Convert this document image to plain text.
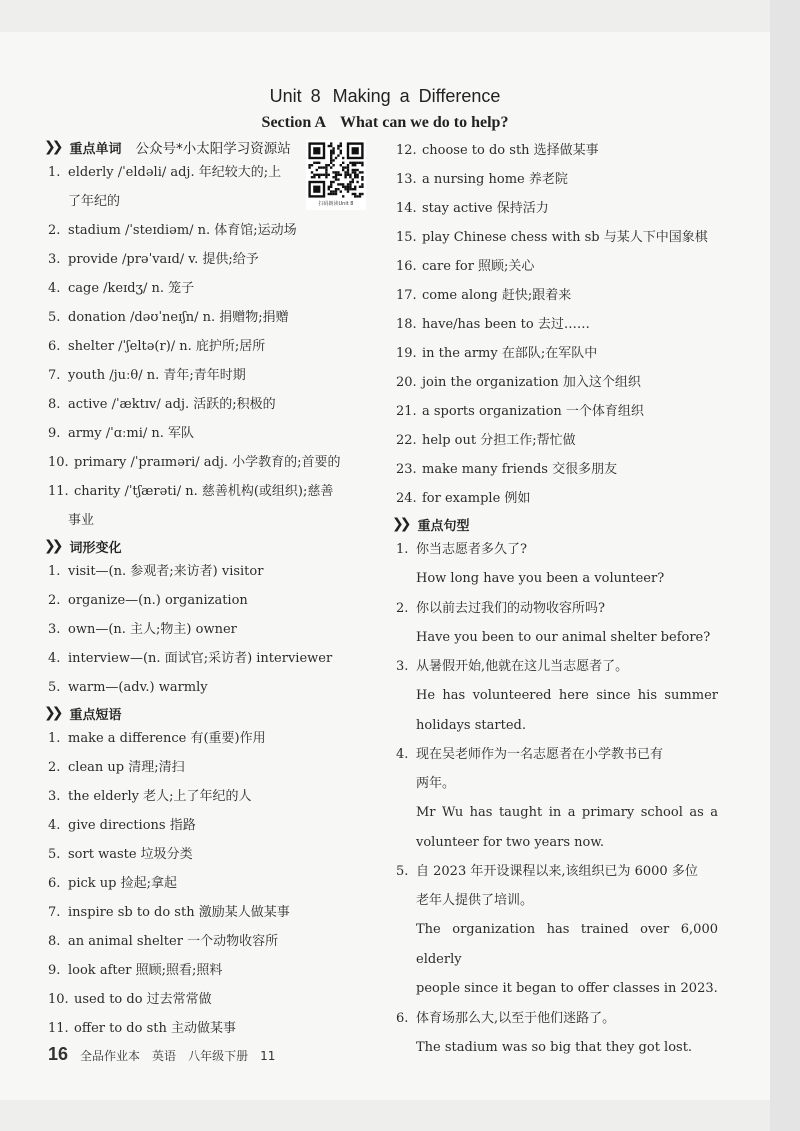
Unit 8 Making a Difference
Section A What can we do to help?
❯❯ 重点单词 公众号*小太阳学习资源站
1. elderly /ˈeldəli/ adj. 年纪较大的;上
了年纪的
2. stadium /ˈsteɪdiəm/ n. 体育馆;运动场
3. provide /prəˈvaɪd/ v. 提供;给予
4. cage /keɪdʒ/ n. 笼子
5. donation /dəʊˈneɪʃn/ n. 捐赠物;捐赠
6. shelter /ˈʃeltə(r)/ n. 庇护所;居所
7. youth /juːθ/ n. 青年;青年时期
8. active /ˈæktɪv/ adj. 活跃的;积极的
9. army /ˈɑːmi/ n. 军队
10. primary /ˈpraɪməri/ adj. 小学教育的;首要的
11. charity /ˈtʃærəti/ n. 慈善机构(或组织);慈善
事业
❯❯ 词形变化
1. visit—(n. 参观者;来访者) visitor
2. organize—(n.) organization
3. own—(n. 主人;物主) owner
4. interview—(n. 面试官;采访者) interviewer
5. warm—(adv.) warmly
❯❯ 重点短语
1. make a difference 有(重要)作用
2. clean up 清理;清扫
3. the elderly 老人;上了年纪的人
4. give directions 指路
5. sort waste 垃圾分类
6. pick up 捡起;拿起
7. inspire sb to do sth 激励某人做某事
8. an animal shelter 一个动物收容所
9. look after 照顾;照看;照料
10. used to do 过去常常做
11. offer to do sth 主动做某事
扫码朗读Unit 8
12. choose to do sth 选择做某事
13. a nursing home 养老院
14. stay active 保持活力
15. play Chinese chess with sb 与某人下中国象棋
16. care for 照顾;关心
17. come along 赶快;跟着来
18. have/has been to 去过……
19. in the army 在部队;在军队中
20. join the organization 加入这个组织
21. a sports organization 一个体育组织
22. help out 分担工作;帮忙做
23. make many friends 交很多朋友
24. for example 例如
❯❯ 重点句型
1. 你当志愿者多久了?
How long have you been a volunteer?
2. 你以前去过我们的动物收容所吗?
Have you been to our animal shelter before?
3. 从暑假开始,他就在这儿当志愿者了。
He has volunteered here since his summer
holidays started.
4. 现在吴老师作为一名志愿者在小学教书已有
两年。
Mr Wu has taught in a primary school as a
volunteer for two years now.
5. 自 2023 年开设课程以来,该组织已为 6000 多位
老年人提供了培训。
The organization has trained over 6,000 elderly
people since it began to offer classes in 2023.
6. 体育场那么大,以至于他们迷路了。
The stadium was so big that they got lost.
16 全品作业本 英语 八年级下册 11
